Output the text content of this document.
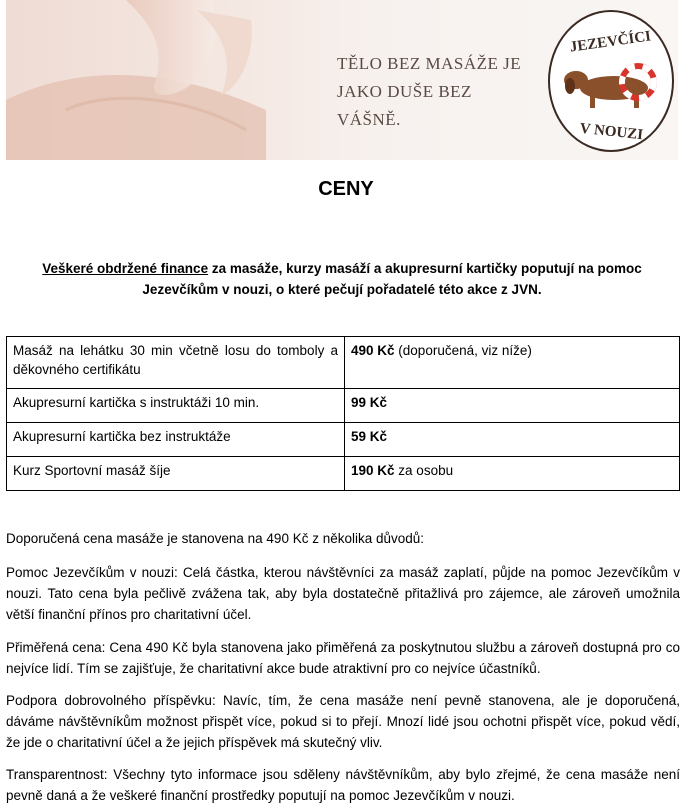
TĚLO BEZ MASÁŽE JE
JAKO DUŠE BEZ VÁŠNĚ.
JEZEVČÍCI
V NOUZI
CENY
Veškeré obdržené finance za masáže, kurzy masáží a akupresurní kartičky poputují na pomoc Jezevčíkům v nouzi, o které pečují pořadatelé této akce z JVN.
Masáž na lehátku 30 min včetně losu do tomboly a děkovného certifikátu	490 Kč (doporučená, viz níže)
Akupresurní kartička s instruktáži 10 min.	99 Kč
Akupresurní kartička bez instruktáže	59 Kč
Kurz Sportovní masáž šíje	190 Kč za osobu
Doporučená cena masáže je stanovena na 490 Kč z několika důvodů:
Pomoc Jezevčíkům v nouzi: Celá částka, kterou návštěvníci za masáž zaplatí, půjde na pomoc Jezevčíkům v nouzi. Tato cena byla pečlivě zvážena tak, aby byla dostatečně přitažlivá pro zájemce, ale zároveň umožnila větší finanční přínos pro charitativní účel.
Přiměřená cena: Cena 490 Kč byla stanovena jako přiměřená za poskytnutou službu a zároveň dostupná pro co nejvíce lidí. Tím se zajišťuje, že charitativní akce bude atraktivní pro co nejvíce účastníků.
Podpora dobrovolného příspěvku: Navíc, tím, že cena masáže není pevně stanovena, ale je doporučená, dáváme návštěvníkům možnost přispět více, pokud si to přejí. Mnozí lidé jsou ochotni přispět více, pokud vědí, že jde o charitativní účel a že jejich příspěvek má skutečný vliv.
Transparentnost: Všechny tyto informace jsou sděleny návštěvníkům, aby bylo zřejmé, že cena masáže není pevně daná a že veškeré finanční prostředky poputují na pomoc Jezevčíkům v nouzi.
